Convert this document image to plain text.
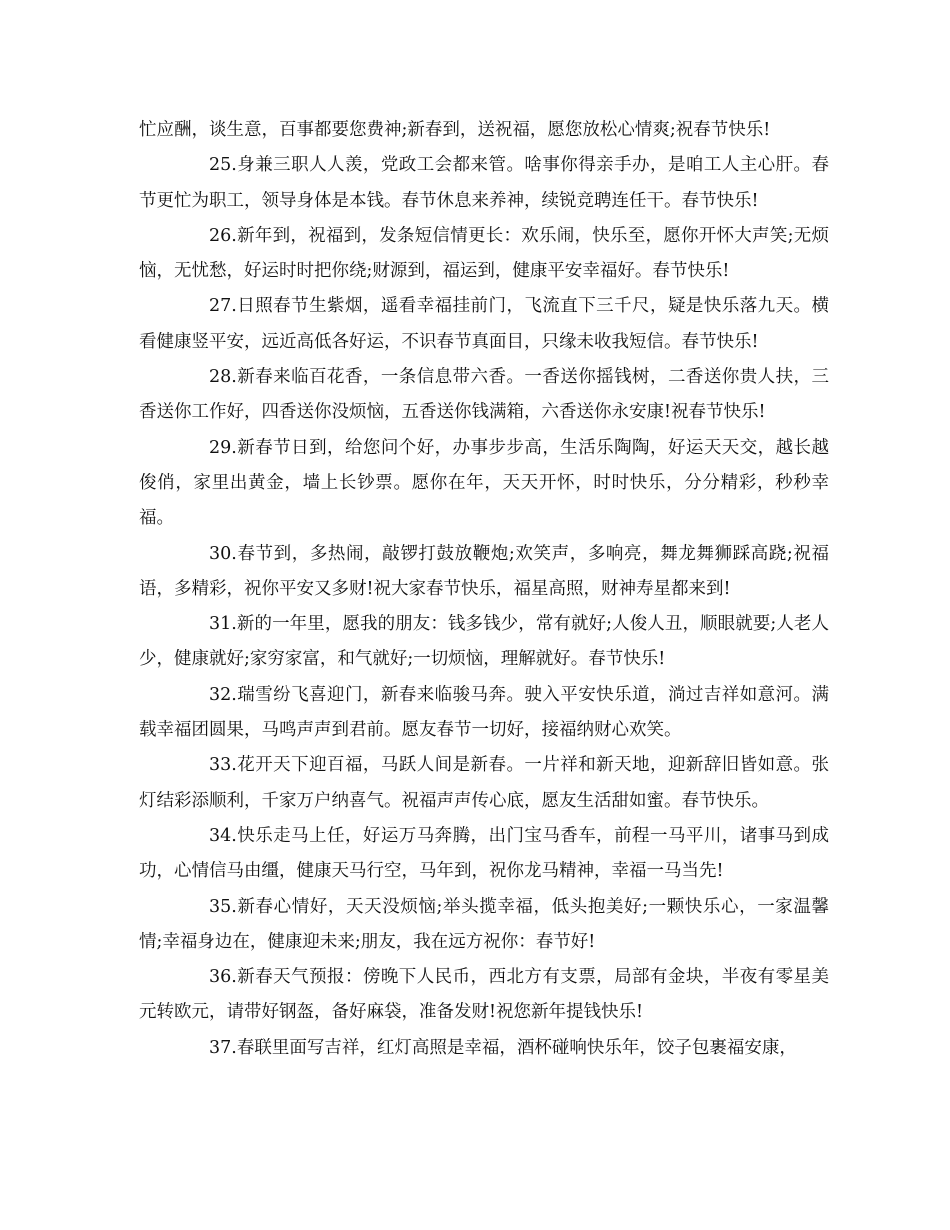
忙应酬，谈生意，百事都要您费神;新春到，送祝福，愿您放松心情爽;祝春节快乐!

25.身兼三职人人羡，党政工会都来管。啥事你得亲手办，是咱工人主心肝。春节更忙为职工，领导身体是本钱。春节休息来养神，续锐竞聘连任干。春节快乐!

26.新年到，祝福到，发条短信情更长：欢乐闹，快乐至，愿你开怀大声笑;无烦恼，无忧愁，好运时时把你绕;财源到，福运到，健康平安幸福好。春节快乐!

27.日照春节生紫烟，遥看幸福挂前门，飞流直下三千尺，疑是快乐落九天。横看健康竖平安，远近高低各好运，不识春节真面目，只缘未收我短信。春节快乐!

28.新春来临百花香，一条信息带六香。一香送你摇钱树，二香送你贵人扶，三香送你工作好，四香送你没烦恼，五香送你钱满箱，六香送你永安康!祝春节快乐!

29.新春节日到，给您问个好，办事步步高，生活乐陶陶，好运天天交，越长越俊俏，家里出黄金，墙上长钞票。愿你在年，天天开怀，时时快乐，分分精彩，秒秒幸福。

30.春节到，多热闹，敲锣打鼓放鞭炮;欢笑声，多响亮，舞龙舞狮踩高跷;祝福语，多精彩，祝你平安又多财!祝大家春节快乐，福星高照，财神寿星都来到!

31.新的一年里，愿我的朋友：钱多钱少，常有就好;人俊人丑，顺眼就要;人老人少，健康就好;家穷家富，和气就好;一切烦恼，理解就好。春节快乐!

32.瑞雪纷飞喜迎门，新春来临骏马奔。驶入平安快乐道，淌过吉祥如意河。满载幸福团圆果，马鸣声声到君前。愿友春节一切好，接福纳财心欢笑。

33.花开天下迎百福，马跃人间是新春。一片祥和新天地，迎新辞旧皆如意。张灯结彩添顺利，千家万户纳喜气。祝福声声传心底，愿友生活甜如蜜。春节快乐。

34.快乐走马上任，好运万马奔腾，出门宝马香车，前程一马平川，诸事马到成功，心情信马由缰，健康天马行空，马年到，祝你龙马精神，幸福一马当先!

35.新春心情好，天天没烦恼;举头揽幸福，低头抱美好;一颗快乐心，一家温馨情;幸福身边在，健康迎未来;朋友，我在远方祝你：春节好!

36.新春天气预报：傍晚下人民币，西北方有支票，局部有金块，半夜有零星美元转欧元，请带好钢盔，备好麻袋，准备发财!祝您新年提钱快乐!

37.春联里面写吉祥，红灯高照是幸福，酒杯碰响快乐年，饺子包裹福安康，
